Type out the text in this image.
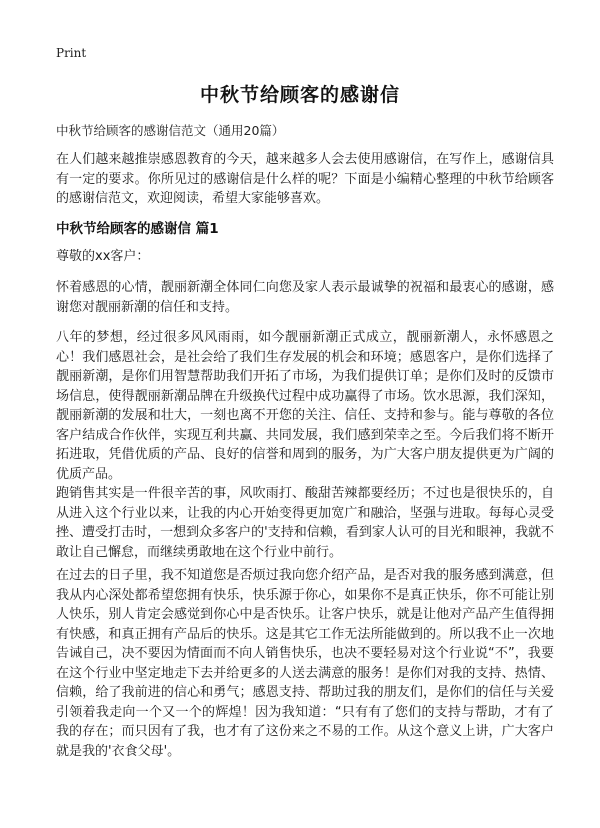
Print
中秋节给顾客的感谢信
中秋节给顾客的感谢信范文（通用20篇）

在人们越来越推崇感恩教育的今天，越来越多人会去使用感谢信，在写作上，感谢信具有一定的要求。你所见过的感谢信是什么样的呢？下面是小编精心整理的中秋节给顾客的感谢信范文，欢迎阅读，希望大家能够喜欢。

中秋节给顾客的感谢信 篇1

尊敬的xx客户：

怀着感恩的心情，靓丽新潮全体同仁向您及家人表示最诚挚的祝福和最衷心的感谢，感谢您对靓丽新潮的信任和支持。

八年的梦想，经过很多风风雨雨，如今靓丽新潮正式成立，靓丽新潮人，永怀感恩之心！我们感恩社会，是社会给了我们生存发展的机会和环境；感恩客户，是你们选择了靓丽新潮，是你们用智慧帮助我们开拓了市场，为我们提供订单；是你们及时的反馈市场信息，使得靓丽新潮品牌在升级换代过程中成功赢得了市场。饮水思源，我们深知，靓丽新潮的发展和壮大，一刻也离不开您的关注、信任、支持和参与。能与尊敬的各位客户结成合作伙伴，实现互利共赢、共同发展，我们感到荣幸之至。今后我们将不断开拓进取，凭借优质的产品、良好的信誉和周到的服务，为广大客户朋友提供更为广阔的优质产品。

跑销售其实是一件很辛苦的事，风吹雨打、酸甜苦辣都要经历；不过也是很快乐的，自从进入这个行业以来，让我的内心开始变得更加宽广和融洽，坚强与进取。每每心灵受挫、遭受打击时，一想到众多客户的'支持和信赖，看到家人认可的目光和眼神，我就不敢让自己懈怠，而继续勇敢地在这个行业中前行。

在过去的日子里，我不知道您是否烦过我向您介绍产品，是否对我的服务感到满意，但我从内心深处都希望您拥有快乐，快乐源于你心，如果你不是真正快乐，你不可能让别人快乐，别人肯定会感觉到你心中是否快乐。让客户快乐，就是让他对产品产生值得拥有快感，和真正拥有产品后的快乐。这是其它工作无法所能做到的。所以我不止一次地告诫自己，决不要因为情面而不向人销售快乐，也决不要轻易对这个行业说“不”，我要在这个行业中坚定地走下去并给更多的人送去满意的服务！是你们对我的支持、热情、信赖，给了我前进的信心和勇气；感恩支持、帮助过我的朋友们，是你们的信任与关爱引领着我走向一个又一个的辉煌！因为我知道：“只有有了您们的支持与帮助，才有了我的存在；而只因有了我，也才有了这份来之不易的工作。从这个意义上讲，广大客户就是我的'衣食父母'。
